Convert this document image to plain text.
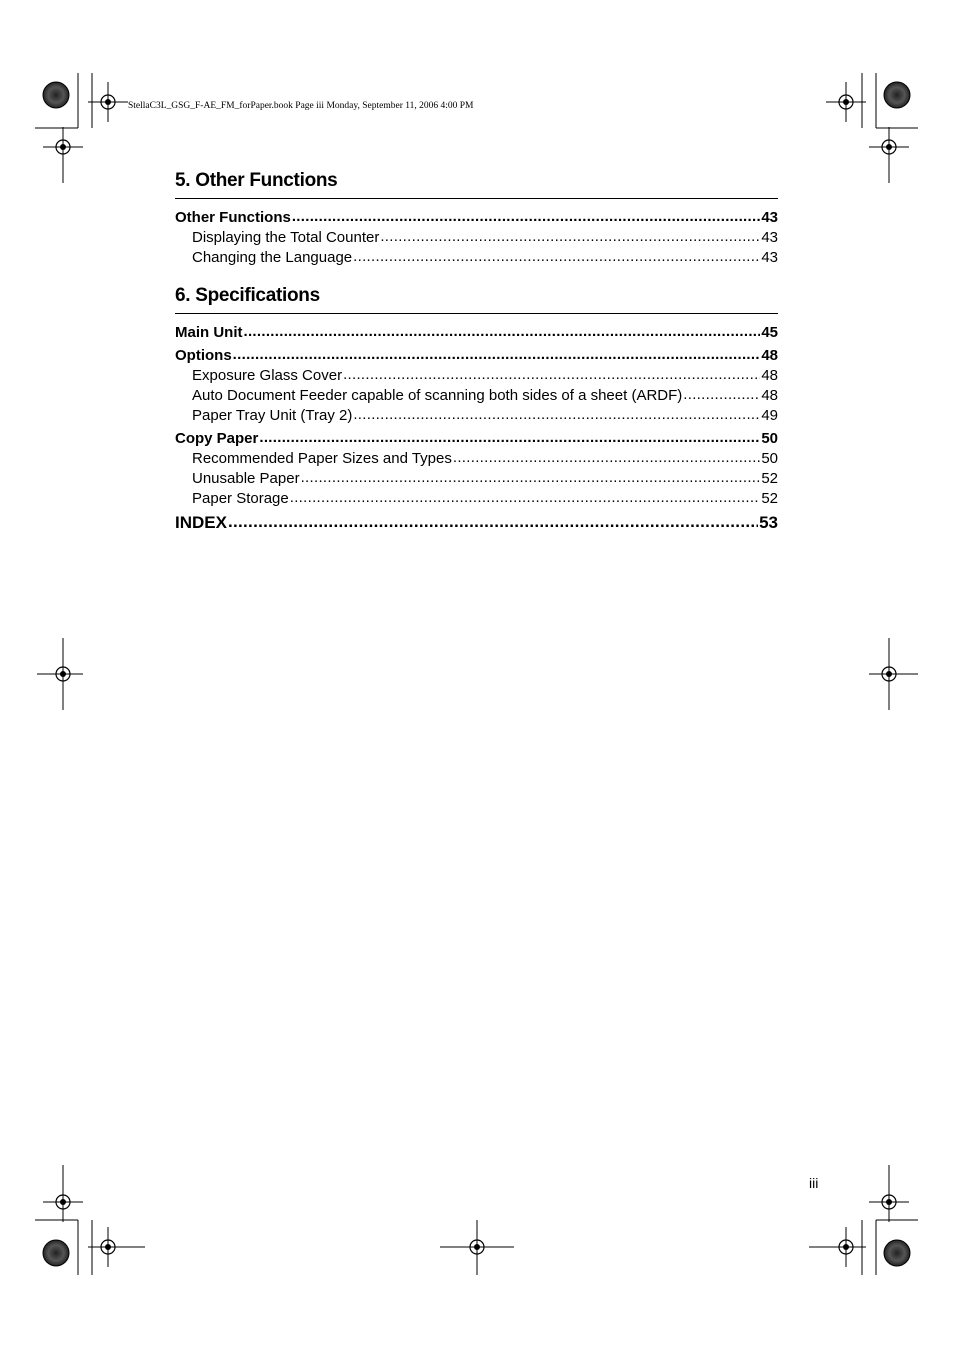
StellaC3L_GSG_F-AE_FM_forPaper.book Page iii Monday, September 11, 2006 4:00 PM
5. Other Functions
Other Functions .....	43
Displaying the Total Counter .....	43
Changing the Language .....	43
6. Specifications
Main Unit .....	45
Options .....	48
Exposure Glass Cover .....	48
Auto Document Feeder capable of scanning both sides of a sheet (ARDF) .....	48
Paper Tray Unit (Tray 2) .....	49
Copy Paper .....	50
Recommended Paper Sizes and Types .....	50
Unusable Paper .....	52
Paper Storage .....	52
INDEX .....	53
iii
